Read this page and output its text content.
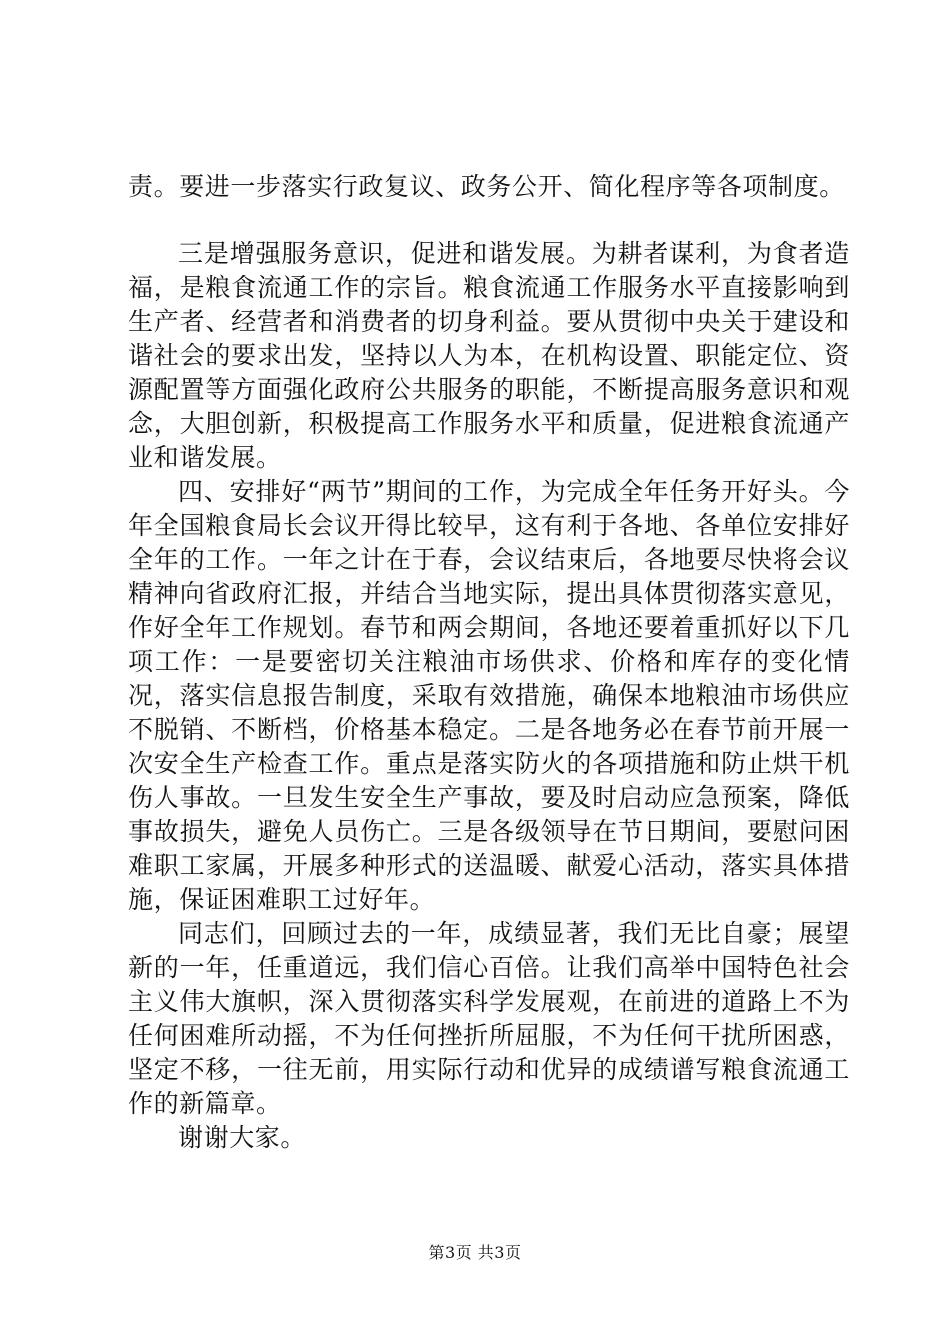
责。要进一步落实行政复议、政务公开、简化程序等各项制度。

三是增强服务意识，促进和谐发展。为耕者谋利，为食者造福，是粮食流通工作的宗旨。粮食流通工作服务水平直接影响到生产者、经营者和消费者的切身利益。要从贯彻中央关于建设和谐社会的要求出发，坚持以人为本，在机构设置、职能定位、资源配置等方面强化政府公共服务的职能，不断提高服务意识和观念，大胆创新，积极提高工作服务水平和质量，促进粮食流通产业和谐发展。

四、安排好“两节”期间的工作，为完成全年任务开好头。今年全国粮食局长会议开得比较早，这有利于各地、各单位安排好全年的工作。一年之计在于春，会议结束后，各地要尽快将会议精神向省政府汇报，并结合当地实际，提出具体贯彻落实意见，作好全年工作规划。春节和两会期间，各地还要着重抓好以下几项工作：一是要密切关注粮油市场供求、价格和库存的变化情况，落实信息报告制度，采取有效措施，确保本地粮油市场供应不脱销、不断档，价格基本稳定。二是各地务必在春节前开展一次安全生产检查工作。重点是落实防火的各项措施和防止烘干机伤人事故。一旦发生安全生产事故，要及时启动应急预案，降低事故损失，避免人员伤亡。三是各级领导在节日期间，要慰问困难职工家属，开展多种形式的送温暖、献爱心活动，落实具体措施，保证困难职工过好年。

同志们，回顾过去的一年，成绩显著，我们无比自豪；展望新的一年，任重道远，我们信心百倍。让我们高举中国特色社会主义伟大旗帜，深入贯彻落实科学发展观，在前进的道路上不为任何困难所动摇，不为任何挫折所屈服，不为任何干扰所困惑，坚定不移，一往无前，用实际行动和优异的成绩谱写粮食流通工作的新篇章。

谢谢大家。

第3页 共3页
